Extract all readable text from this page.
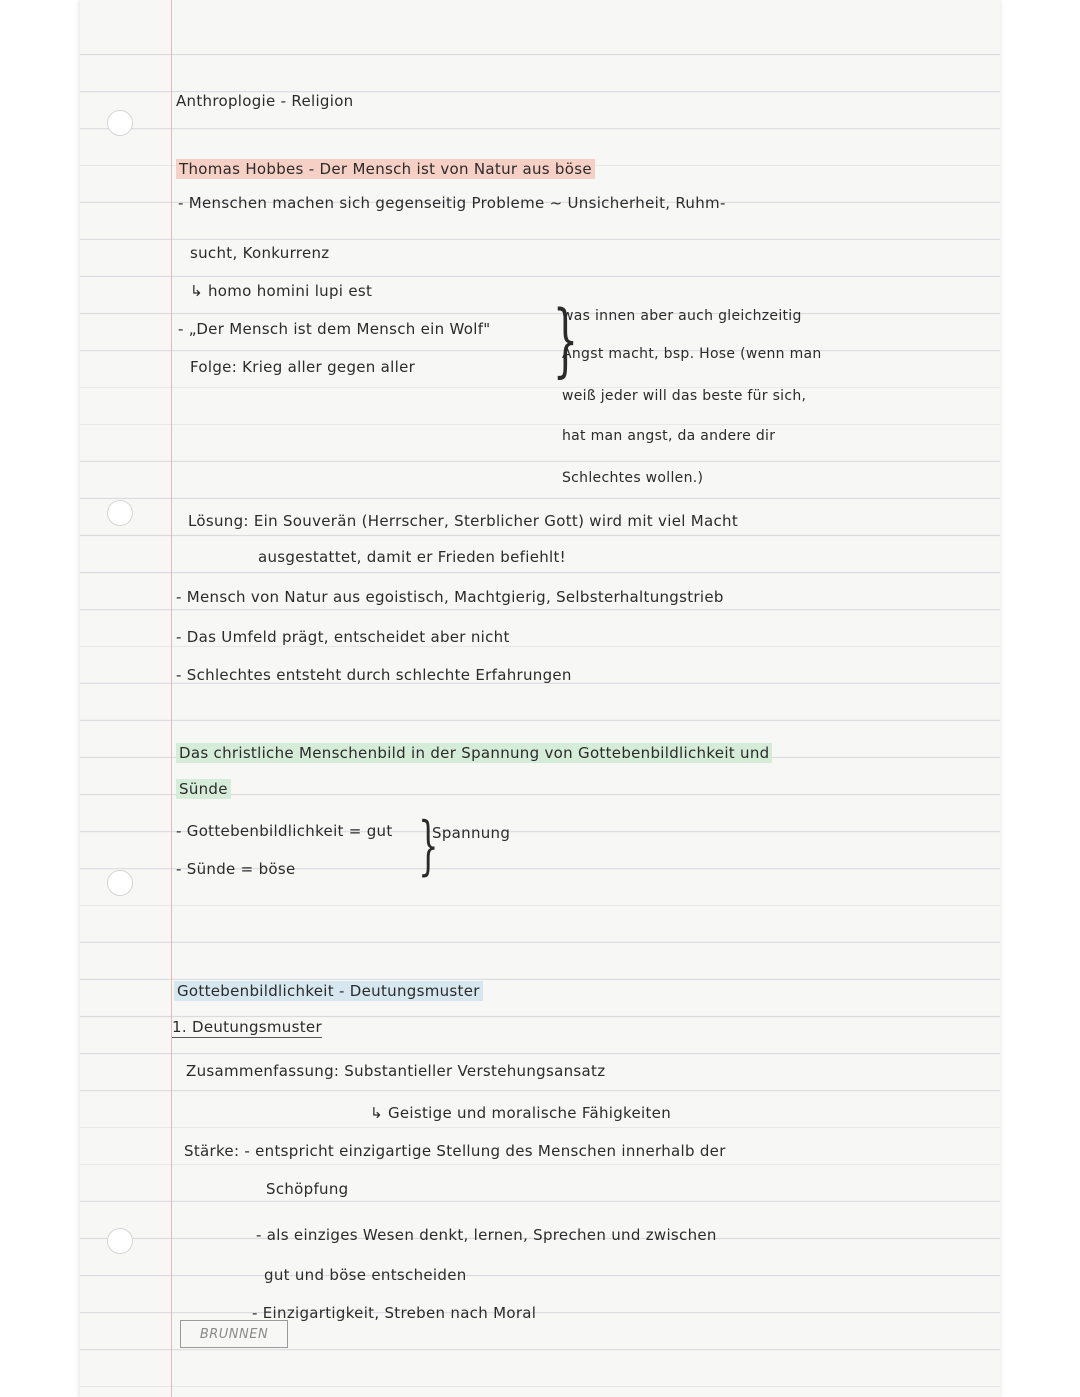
Anthroplogie - Religion
Thomas Hobbes - Der Mensch ist von Natur aus böse
- Menschen machen sich gegenseitig Probleme ~ Unsicherheit, Ruhm-
sucht, Konkurrenz
↳ homo homini lupi est
- „Der Mensch ist dem Mensch ein Wolf"
Folge: Krieg aller gegen aller }
was innen aber auch gleichzeitig
Angst macht, bsp. Hose (wenn man
weiß jeder will das beste für sich,
hat man angst, da andere dir
Schlechtes wollen.)
Lösung: Ein Souverän (Herrscher, Sterblicher Gott) wird mit viel Macht
ausgestattet, damit er Frieden befiehlt!
- Mensch von Natur aus egoistisch, Machtgierig, Selbsterhaltungstrieb
- Das Umfeld prägt, entscheidet aber nicht
- Schlechtes entsteht durch schlechte Erfahrungen
Das christliche Menschenbild in der Spannung von Gottebenbildlichkeit und
Sünde
- Gottebenbildlichkeit = gut
- Sünde = böse }
Spannung
Gottebenbildlichkeit - Deutungsmuster
1. Deutungsmuster
Zusammenfassung: Substantieller Verstehungsansatz
↳ Geistige und moralische Fähigkeiten
Stärke: - entspricht einzigartige Stellung des Menschen innerhalb der
Schöpfung
- als einziges Wesen denkt, lernen, Sprechen und zwischen
gut und böse entscheiden
- Einzigartigkeit, Streben nach Moral
BRUNNEN
